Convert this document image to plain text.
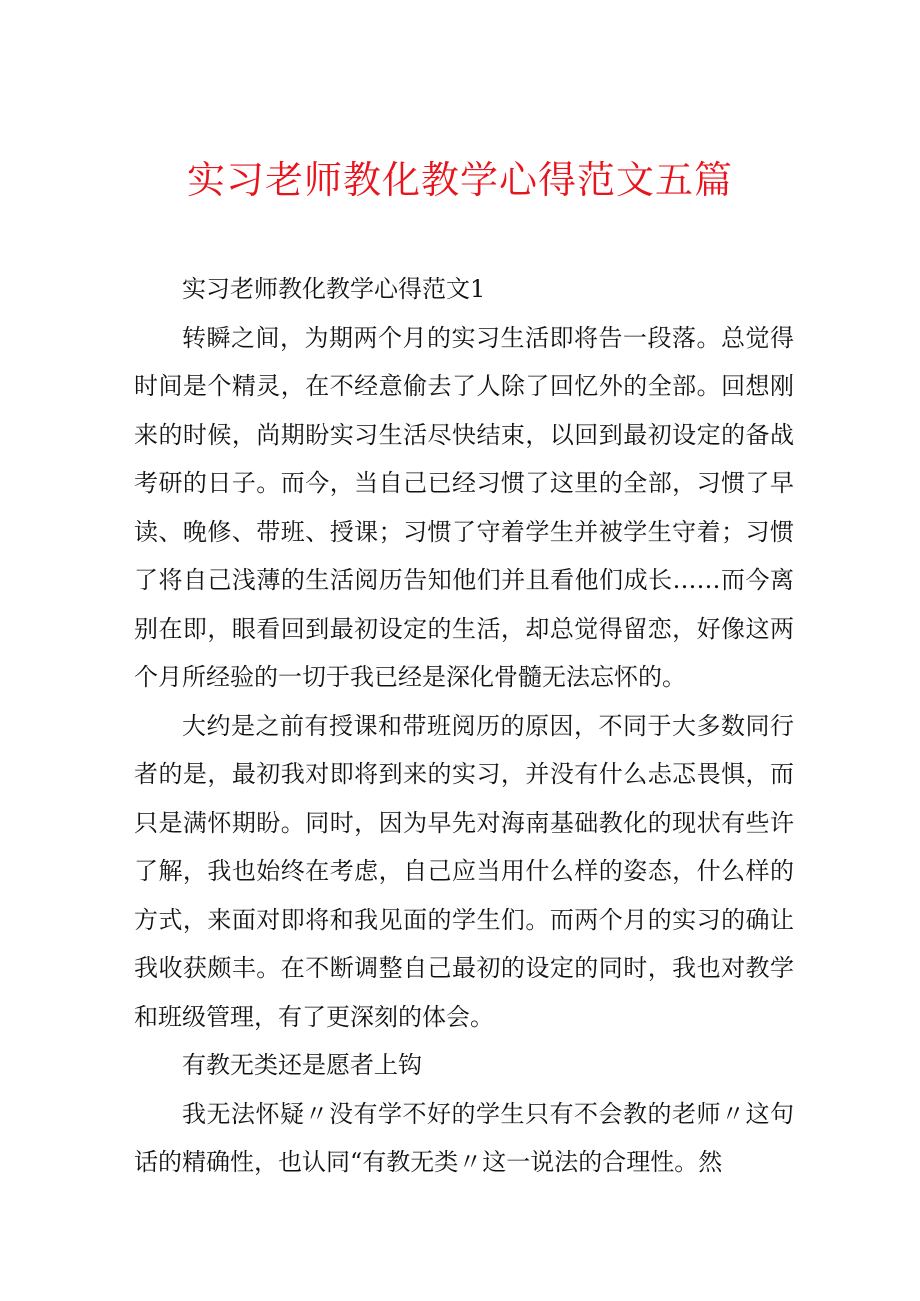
实习老师教化教学心得范文五篇

实习老师教化教学心得范文1

转瞬之间，为期两个月的实习生活即将告一段落。总觉得时间是个精灵，在不经意偷去了人除了回忆外的全部。回想刚来的时候，尚期盼实习生活尽快结束，以回到最初设定的备战考研的日子。而今，当自己已经习惯了这里的全部，习惯了早读、晚修、带班、授课；习惯了守着学生并被学生守着；习惯了将自己浅薄的生活阅历告知他们并且看他们成长……而今离别在即，眼看回到最初设定的生活，却总觉得留恋，好像这两个月所经验的一切于我已经是深化骨髓无法忘怀的。

大约是之前有授课和带班阅历的原因，不同于大多数同行者的是，最初我对即将到来的实习，并没有什么忐忑畏惧，而只是满怀期盼。同时，因为早先对海南基础教化的现状有些许了解，我也始终在考虑，自己应当用什么样的姿态，什么样的方式，来面对即将和我见面的学生们。而两个月的实习的确让我收获颇丰。在不断调整自己最初的设定的同时，我也对教学和班级管理，有了更深刻的体会。

有教无类还是愿者上钩

我无法怀疑〃没有学不好的学生只有不会教的老师〃这句话的精确性，也认同“有教无类〃这一说法的合理性。然
